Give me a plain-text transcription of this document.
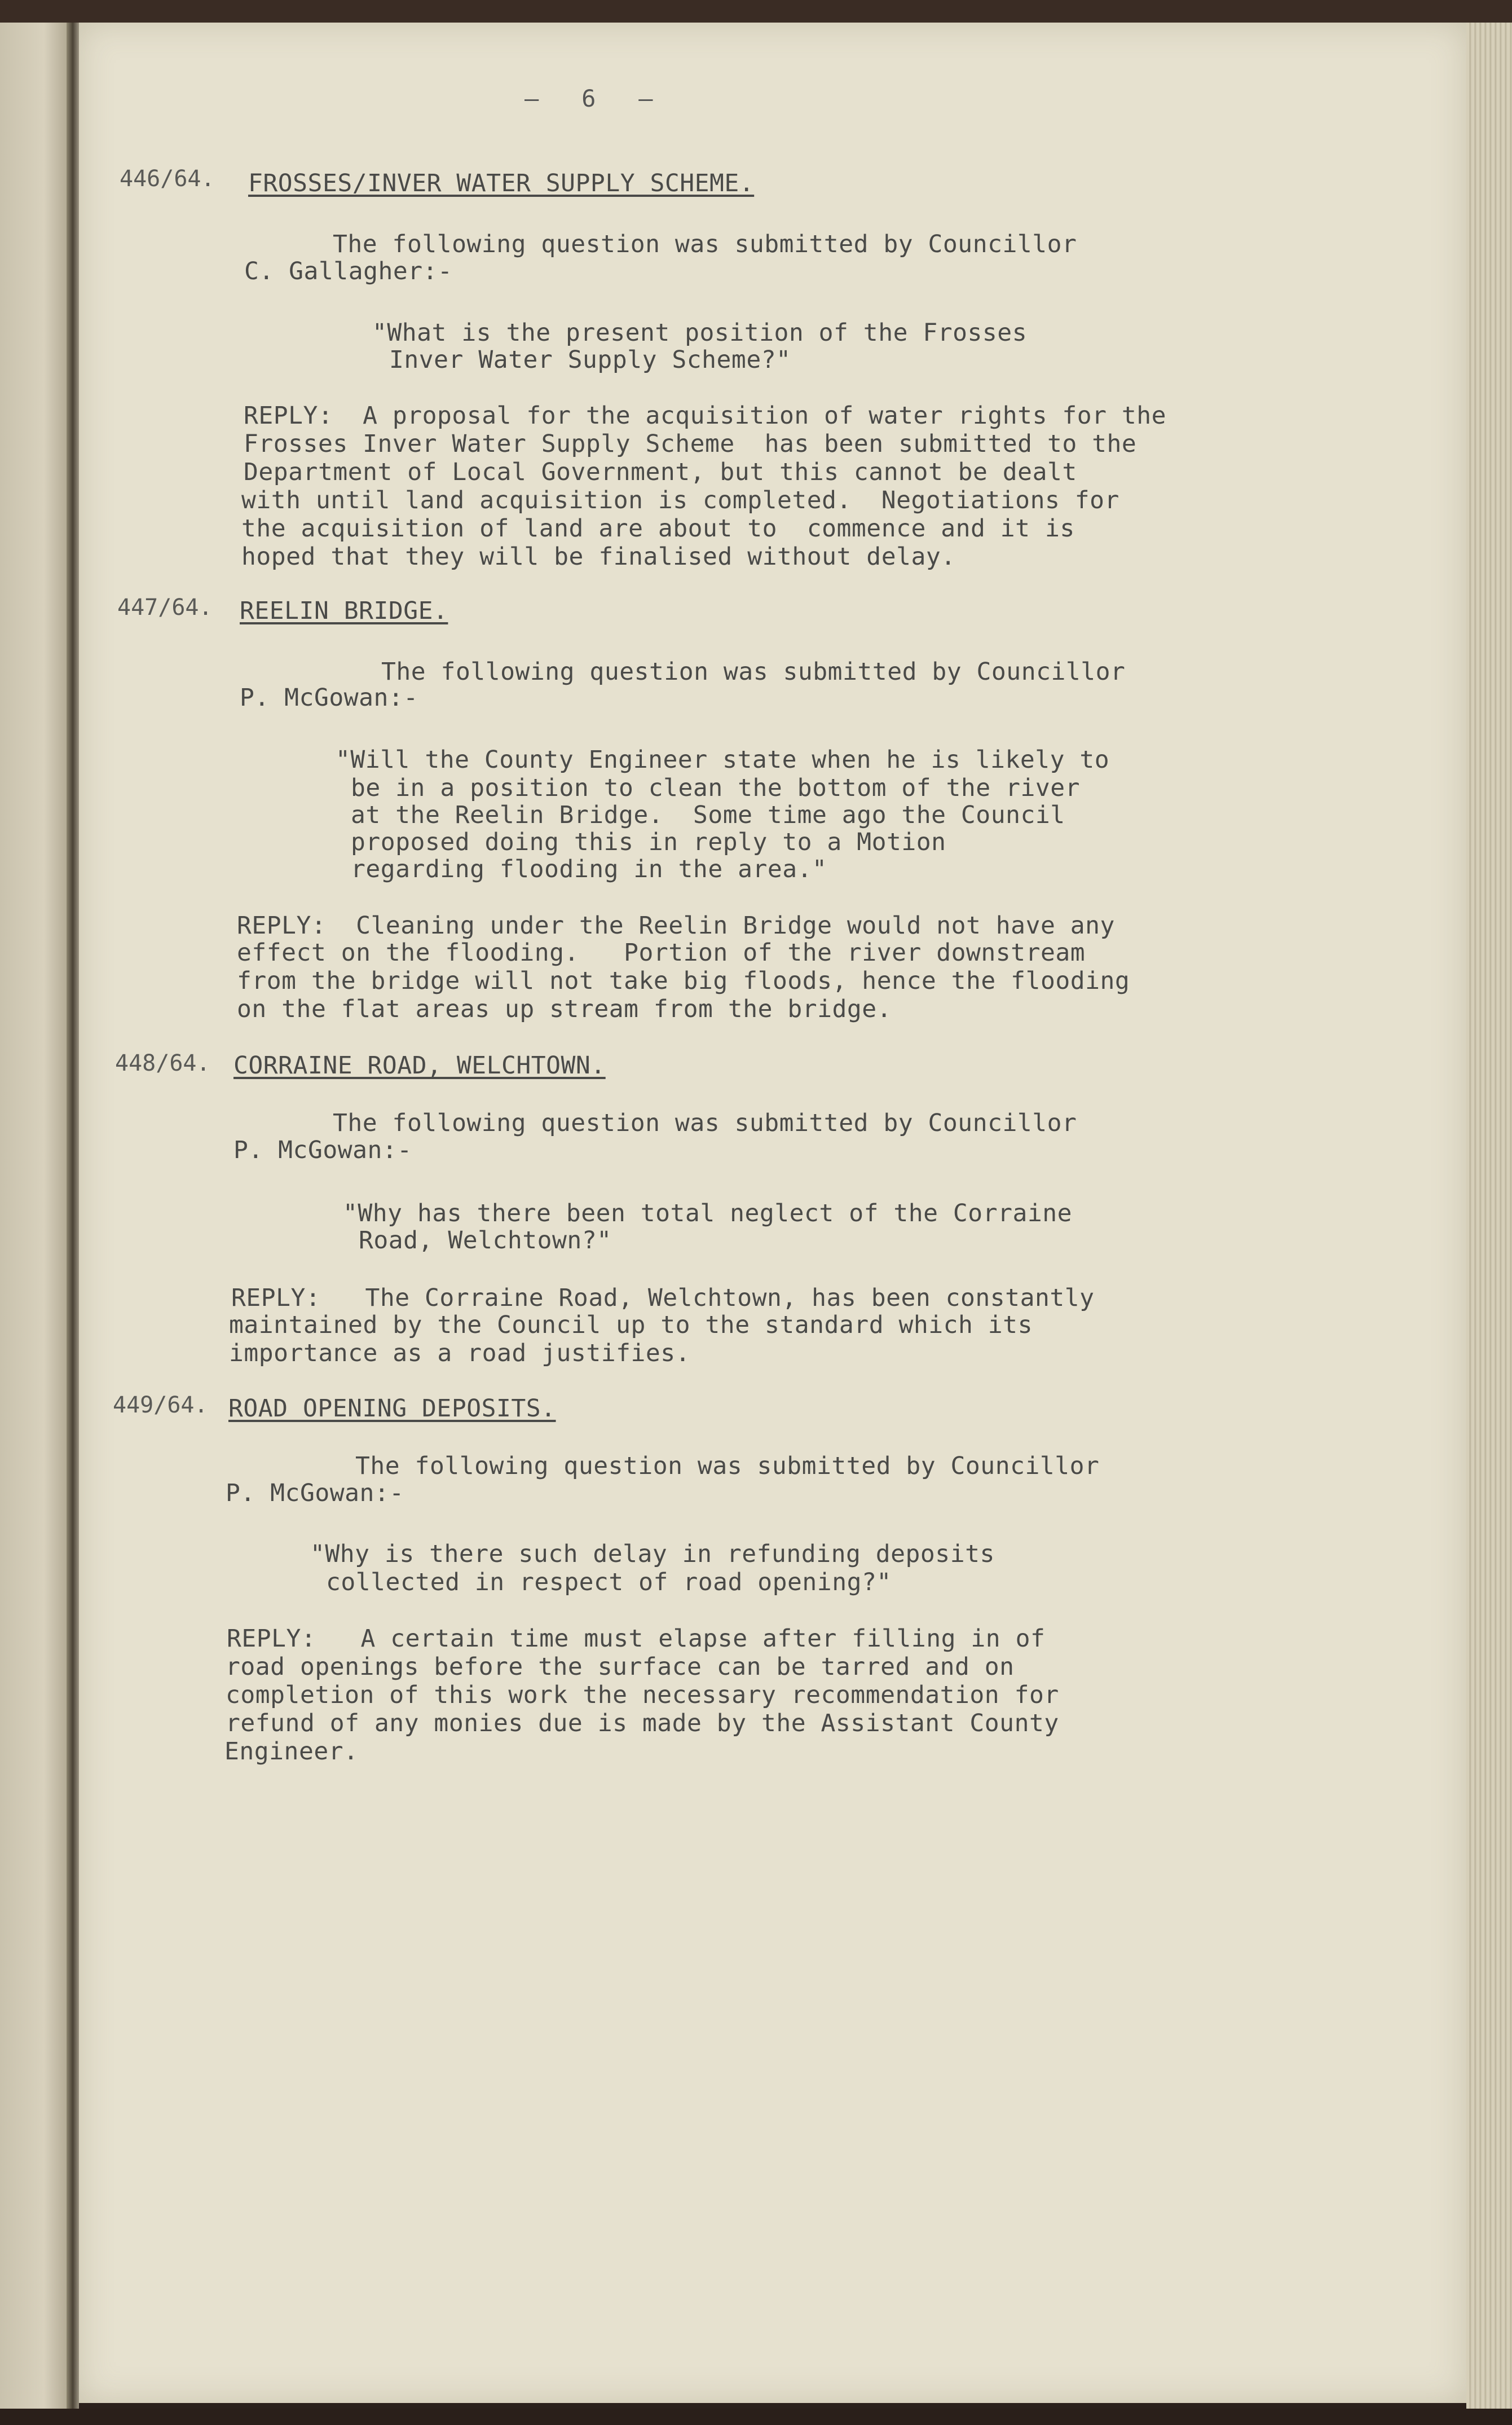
–   6   –
446/64. FROSSES/INVER WATER SUPPLY SCHEME.
The following question was submitted by Councillor
C. Gallagher:-
"What is the present position of the Frosses
Inver Water Supply Scheme?"
REPLY:  A proposal for the acquisition of water rights for the
Frosses Inver Water Supply Scheme  has been submitted to the
Department of Local Government, but this cannot be dealt
with until land acquisition is completed.  Negotiations for
the acquisition of land are about to  commence and it is
hoped that they will be finalised without delay.
447/64. REELIN BRIDGE.
The following question was submitted by Councillor
P. McGowan:-
"Will the County Engineer state when he is likely to
be in a position to clean the bottom of the river
at the Reelin Bridge.  Some time ago the Council
proposed doing this in reply to a Motion
regarding flooding in the area."
REPLY:  Cleaning under the Reelin Bridge would not have any
effect on the flooding.   Portion of the river downstream
from the bridge will not take big floods, hence the flooding
on the flat areas up stream from the bridge.
448/64. CORRAINE ROAD, WELCHTOWN.
The following question was submitted by Councillor
P. McGowan:-
"Why has there been total neglect of the Corraine
Road, Welchtown?"
REPLY:   The Corraine Road, Welchtown, has been constantly
maintained by the Council up to the standard which its
importance as a road justifies.
449/64. ROAD OPENING DEPOSITS.
The following question was submitted by Councillor
P. McGowan:-
"Why is there such delay in refunding deposits
collected in respect of road opening?"
REPLY:   A certain time must elapse after filling in of
road openings before the surface can be tarred and on
completion of this work the necessary recommendation for
refund of any monies due is made by the Assistant County
Engineer.
